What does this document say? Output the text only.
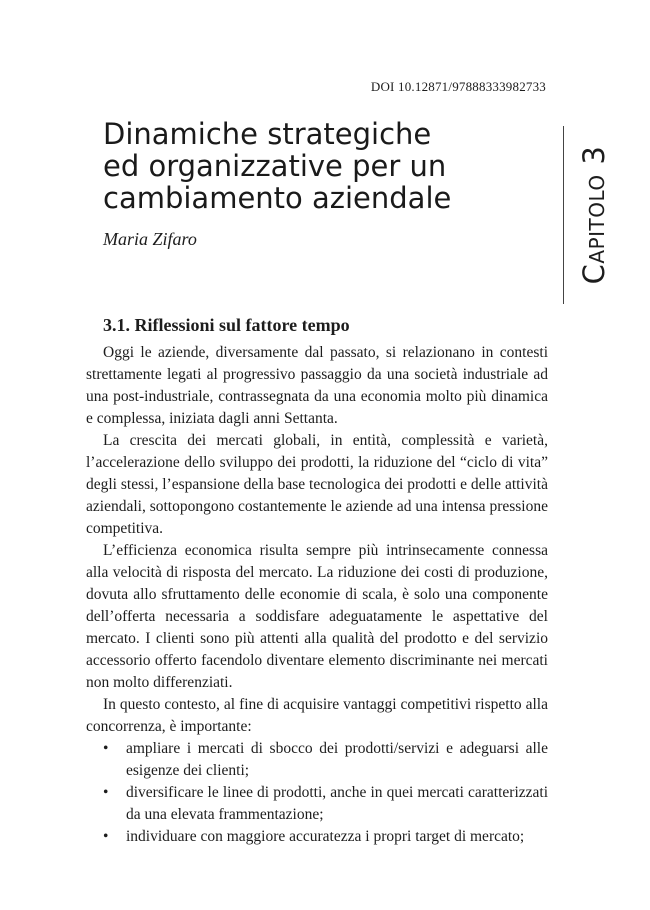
DOI 10.12871/97888333982733
Dinamiche strategiche
ed organizzative per un
cambiamento aziendale
Maria Zifaro	Capitolo 3
3.1. Riflessioni sul fattore tempo

Oggi le aziende, diversamente dal passato, si relazionano in contesti strettamente legati al progressivo passaggio da una società industriale ad una post-industriale, contrassegnata da una economia molto più dinamica e complessa, iniziata dagli anni Settanta.

La crescita dei mercati globali, in entità, complessità e varietà, l’accelerazione dello sviluppo dei prodotti, la riduzione del “ciclo di vita” degli stessi, l’espansione della base tecnologica dei prodotti e delle attività aziendali, sottopongono costantemente le aziende ad una intensa pressione competitiva.

L’efficienza economica risulta sempre più intrinsecamente connessa alla velocità di risposta del mercato. La riduzione dei costi di produzione, dovuta allo sfruttamento delle economie di scala, è solo una componente dell’offerta necessaria a soddisfare adeguatamente le aspettative del mercato. I clienti sono più attenti alla qualità del prodotto e del servizio accessorio offerto facendolo diventare elemento discriminante nei mercati non molto differenziati.

In questo contesto, al fine di acquisire vantaggi competitivi rispetto alla concorrenza, è importante:

• ampliare i mercati di sbocco dei prodotti/servizi e adeguarsi alle esigenze dei clienti;
• diversificare le linee di prodotti, anche in quei mercati caratterizzati da una elevata frammentazione;
• individuare con maggiore accuratezza i propri target di mercato;
